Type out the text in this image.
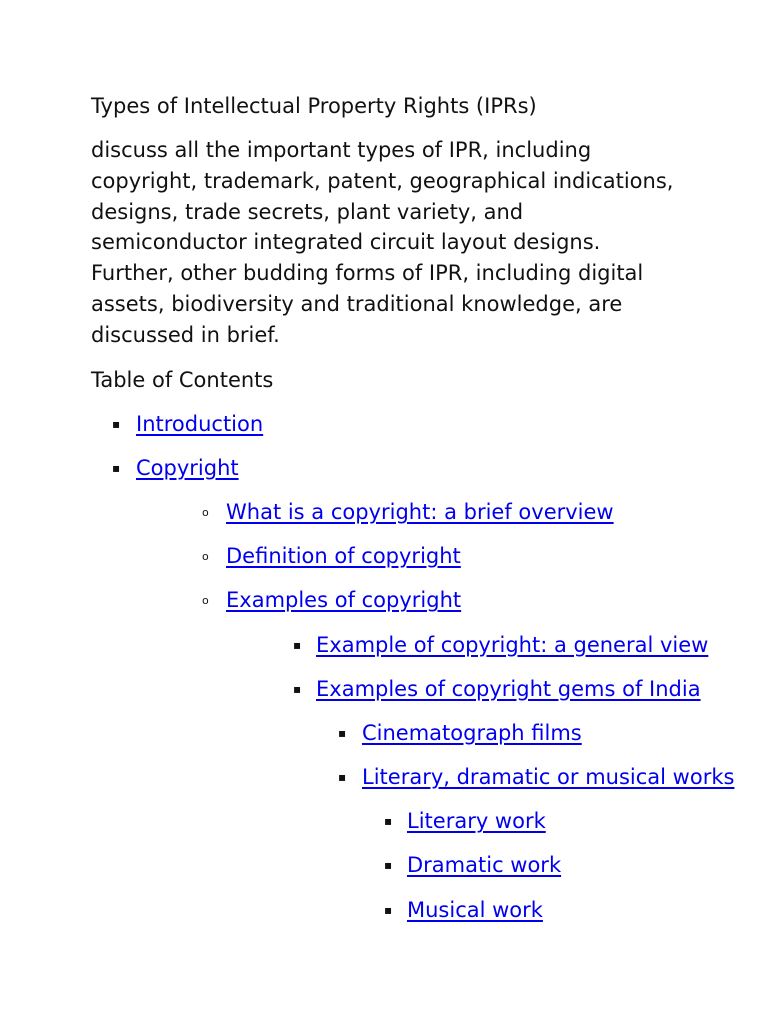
Types of Intellectual Property Rights (IPRs)
discuss all the important types of IPR, including copyright, trademark, patent, geographical indications, designs, trade secrets, plant variety, and semiconductor integrated circuit layout designs. Further, other budding forms of IPR, including digital assets, biodiversity and traditional knowledge, are discussed in brief.
Table of Contents
▪
Introduction
▪
Copyright
o
What is a copyright: a brief overview
o
Definition of copyright
o
Examples of copyright
▪
Example of copyright: a general view
▪
Examples of copyright gems of India
▪
Cinematograph films
▪
Literary, dramatic or musical works
▪
Literary work
▪
Dramatic work
▪
Musical work
